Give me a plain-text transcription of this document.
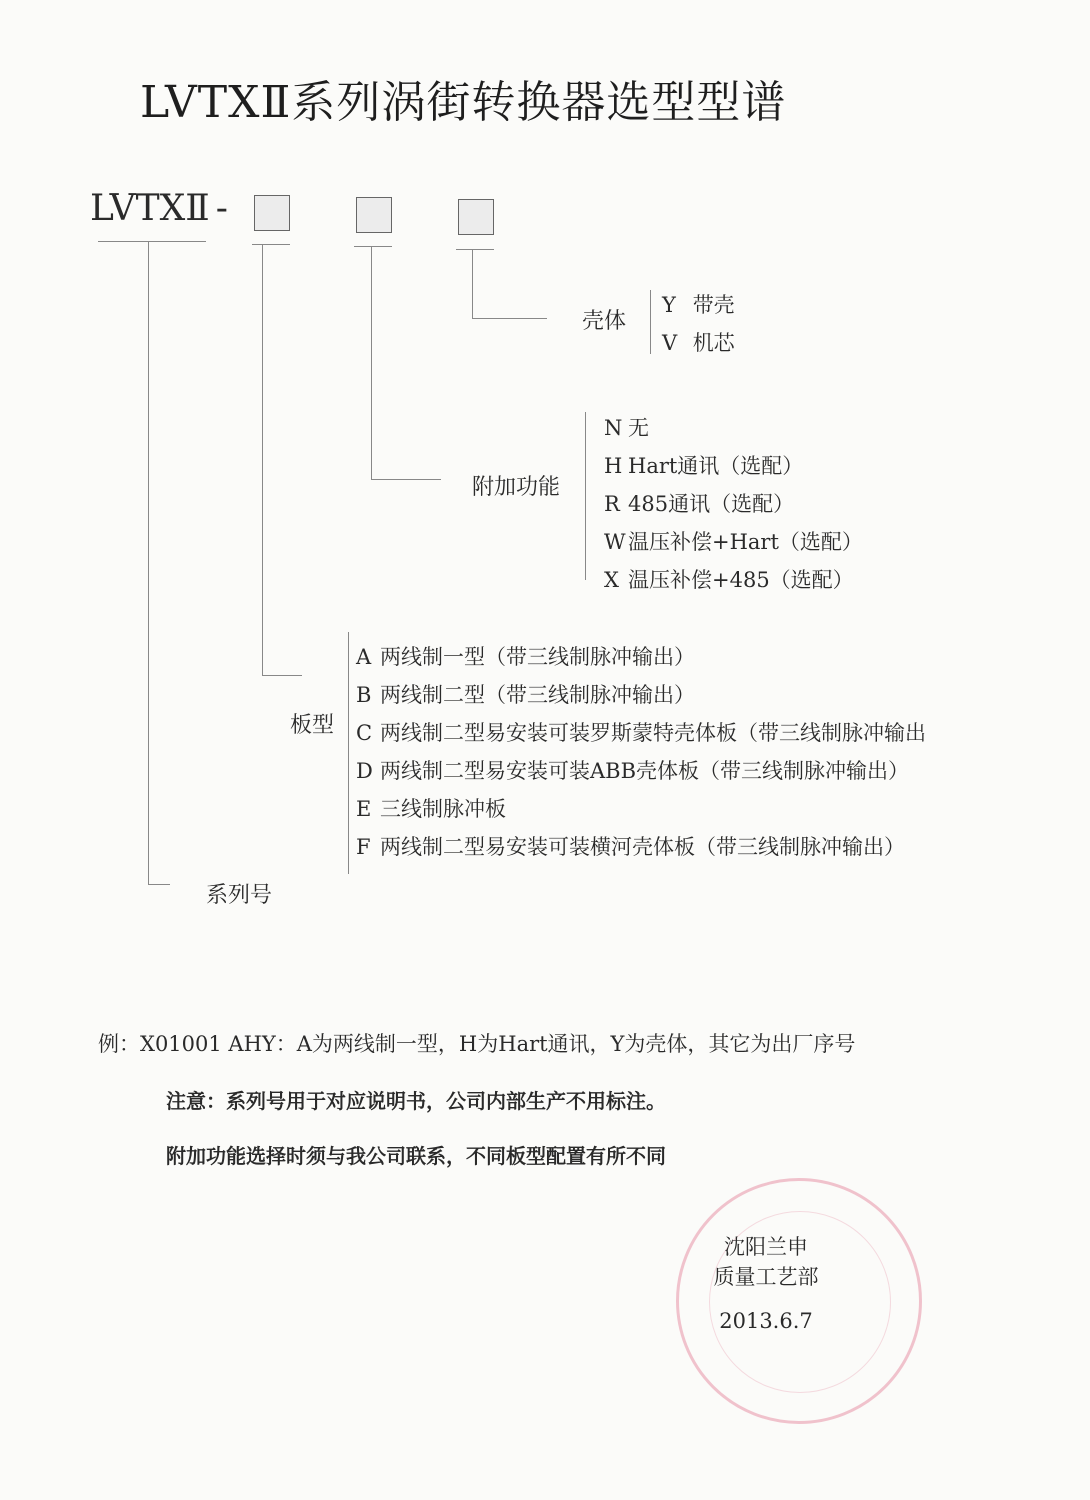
LVTXⅡ系列涡街转换器选型型谱
LVTXⅡ -
壳体
Y 带壳
V 机芯
附加功能
N 无
H Hart通讯（选配）
R 485通讯（选配）
W 温压补偿+Hart（选配）
X 温压补偿+485（选配）
板型
A 两线制一型（带三线制脉冲输出）
B 两线制二型（带三线制脉冲输出）
C 两线制二型易安装可装罗斯蒙特壳体板（带三线制脉冲输出
D 两线制二型易安装可装ABB壳体板（带三线制脉冲输出）
E 三线制脉冲板
F 两线制二型易安装可装横河壳体板（带三线制脉冲输出）
系列号
例：X01001 AHY：A为两线制一型，H为Hart通讯，Y为壳体，其它为出厂序号
注意：系列号用于对应说明书，公司内部生产不用标注。
附加功能选择时须与我公司联系，不同板型配置有所不同
沈阳兰申
质量工艺部
2013.6.7
